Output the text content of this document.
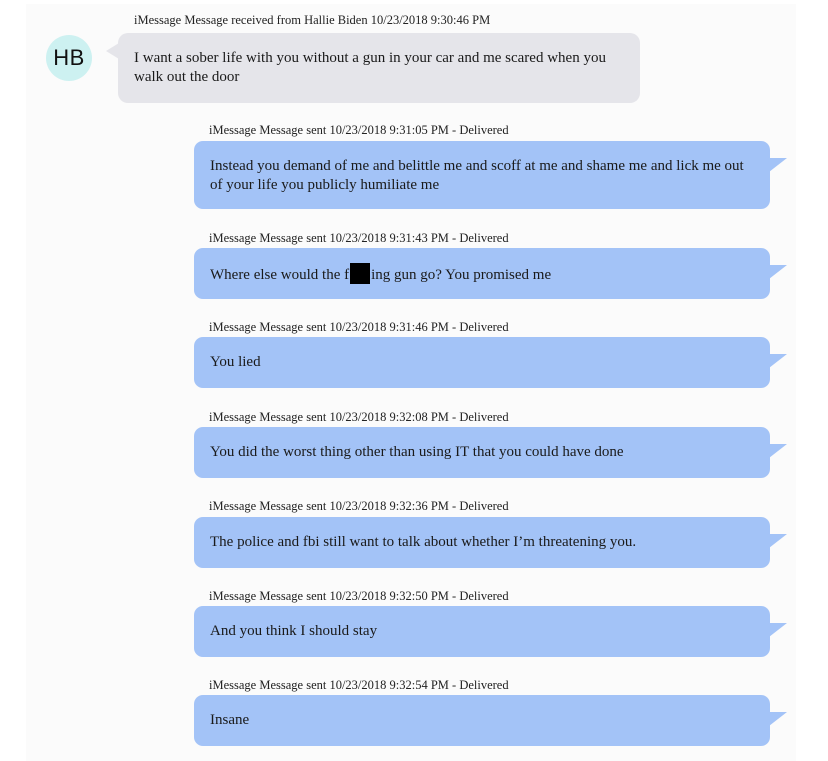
HB
iMessage Message received from Hallie Biden 10/23/2018 9:30:46 PM
I want a sober life with you without a gun in your car and me scared when you walk out the door
iMessage Message sent 10/23/2018 9:31:05 PM - Delivered
Instead you demand of me and belittle me and scoff at me and shame me and lick me out of your life you publicly humiliate me
iMessage Message sent 10/23/2018 9:31:43 PM - Delivered
Where else would the f ing gun go? You promised me
iMessage Message sent 10/23/2018 9:31:46 PM - Delivered
You lied
iMessage Message sent 10/23/2018 9:32:08 PM - Delivered
You did the worst thing other than using IT that you could have done
iMessage Message sent 10/23/2018 9:32:36 PM - Delivered
The police and fbi still want to talk about whether I’m threatening you.
iMessage Message sent 10/23/2018 9:32:50 PM - Delivered
And you think I should stay
iMessage Message sent 10/23/2018 9:32:54 PM - Delivered
Insane
